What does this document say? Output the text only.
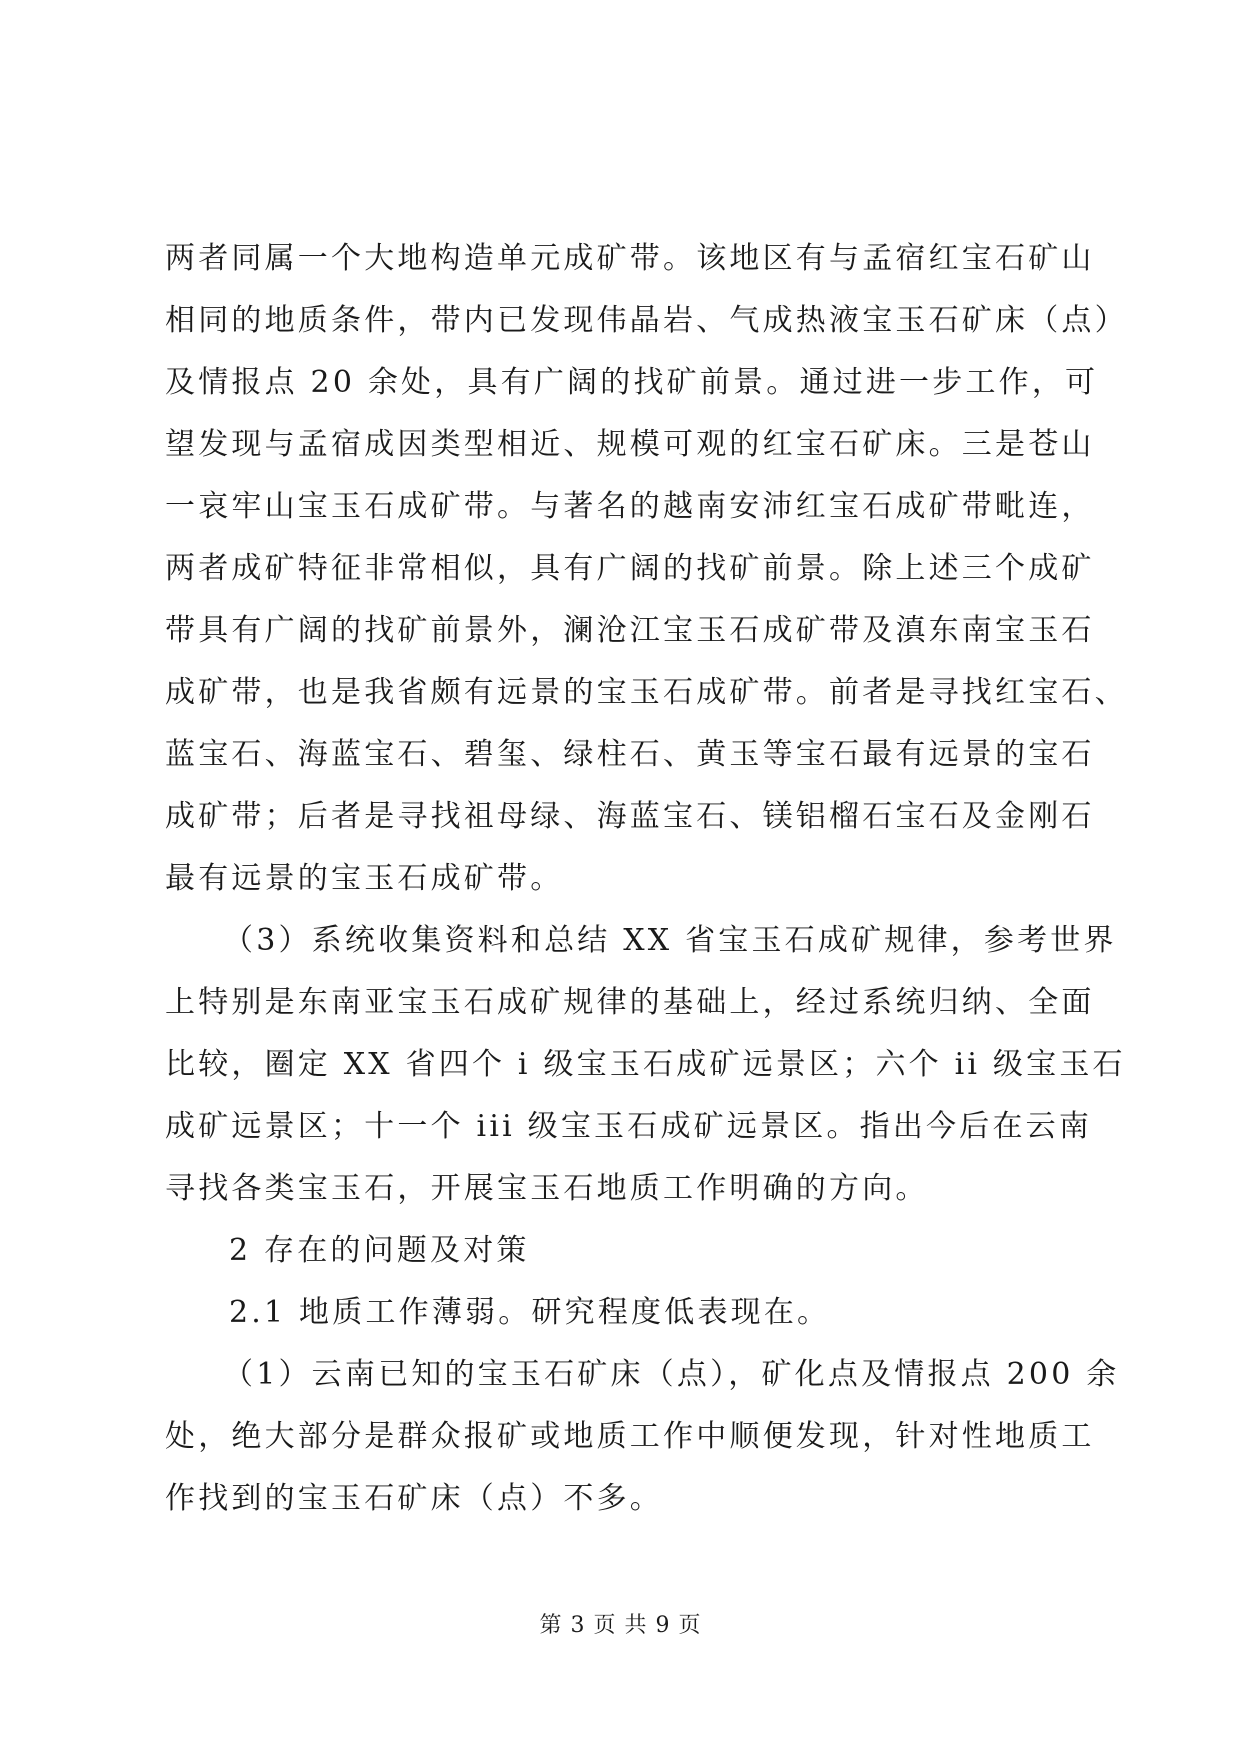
两者同属一个大地构造单元成矿带。该地区有与孟宿红宝石矿山
相同的地质条件，带内已发现伟晶岩、气成热液宝玉石矿床（点）
及情报点 20 余处，具有广阔的找矿前景。通过进一步工作，可
望发现与孟宿成因类型相近、规模可观的红宝石矿床。三是苍山
一哀牢山宝玉石成矿带。与著名的越南安沛红宝石成矿带毗连，
两者成矿特征非常相似，具有广阔的找矿前景。除上述三个成矿
带具有广阔的找矿前景外，澜沧江宝玉石成矿带及滇东南宝玉石
成矿带，也是我省颇有远景的宝玉石成矿带。前者是寻找红宝石、
蓝宝石、海蓝宝石、碧玺、绿柱石、黄玉等宝石最有远景的宝石
成矿带；后者是寻找祖母绿、海蓝宝石、镁铝榴石宝石及金刚石
最有远景的宝玉石成矿带。
（3）系统收集资料和总结 XX 省宝玉石成矿规律，参考世界
上特别是东南亚宝玉石成矿规律的基础上，经过系统归纳、全面
比较，圈定 XX 省四个 i 级宝玉石成矿远景区；六个 ii 级宝玉石
成矿远景区；十一个 iii 级宝玉石成矿远景区。指出今后在云南
寻找各类宝玉石，开展宝玉石地质工作明确的方向。
2 存在的问题及对策
2.1 地质工作薄弱。研究程度低表现在。
（1）云南已知的宝玉石矿床（点），矿化点及情报点 200 余
处，绝大部分是群众报矿或地质工作中顺便发现，针对性地质工
作找到的宝玉石矿床（点）不多。
第 3 页 共 9 页
